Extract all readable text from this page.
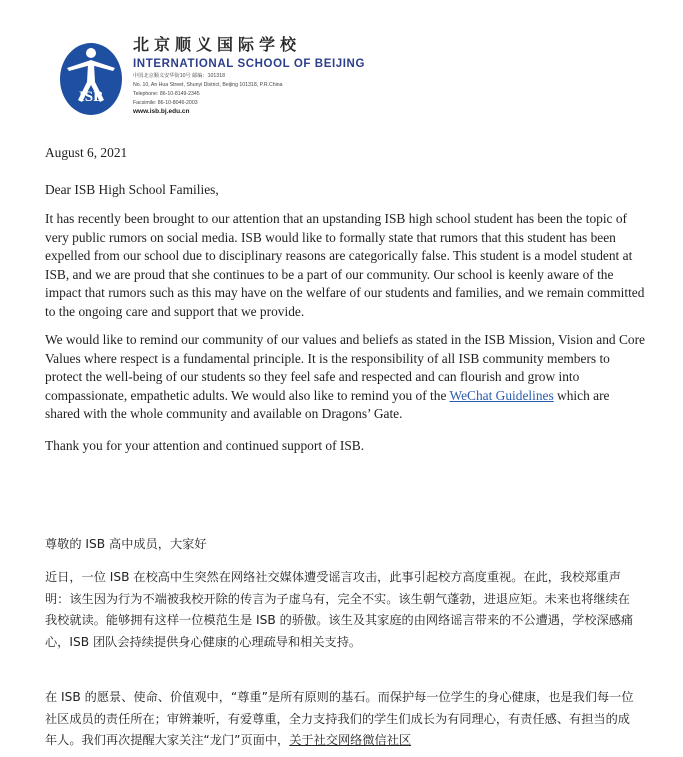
ISB
北京顺义国际学校
INTERNATIONAL SCHOOL OF BEIJING
中国北京顺义安华街10号 邮编：101318
No. 10, An Hua Street, Shunyi District, Beijing 101318, P.R.China
Telephone: 86-10-8149-2345
Facsimile: 86-10-8046-2003
www.isb.bj.edu.cn
August 6, 2021
Dear ISB High School Families,
It has recently been brought to our attention that an upstanding ISB high school student has been the topic of very public rumors on social media. ISB would like to formally state that rumors that this student has been expelled from our school due to disciplinary reasons are categorically false. This student is a model student at ISB, and we are proud that she continues to be a part of our community. Our school is keenly aware of the impact that rumors such as this may have on the welfare of our students and families, and we remain committed to the ongoing care and support that we provide.
We would like to remind our community of our values and beliefs as stated in the ISB Mission, Vision and Core Values where respect is a fundamental principle. It is the responsibility of all ISB community members to protect the well-being of our students so they feel safe and respected and can flourish and grow into compassionate, empathetic adults. We would also like to remind you of the WeChat Guidelines which are shared with the whole community and available on Dragons’ Gate.
Thank you for your attention and continued support of ISB.
尊敬的 ISB 高中成员，大家好
近日，一位 ISB 在校高中生突然在网络社交媒体遭受谣言攻击，此事引起校方高度重视。在此，我校郑重声明：该生因为行为不端被我校开除的传言为子虚乌有，完全不实。该生朝气蓬勃，进退应矩。未来也将继续在我校就读。能够拥有这样一位模范生是 ISB 的骄傲。该生及其家庭的由网络谣言带来的不公遭遇，学校深感痛心，ISB 团队会持续提供身心健康的心理疏导和相关支持。
在 ISB 的愿景、使命、价值观中，“尊重”是所有原则的基石。而保护每一位学生的身心健康，也是我们每一位社区成员的责任所在；审辨兼听，有爱尊重，全力支持我们的学生们成长为有同理心，有责任感、有担当的成年人。我们再次提醒大家关注“龙门”页面中，关于社交网络微信社区
